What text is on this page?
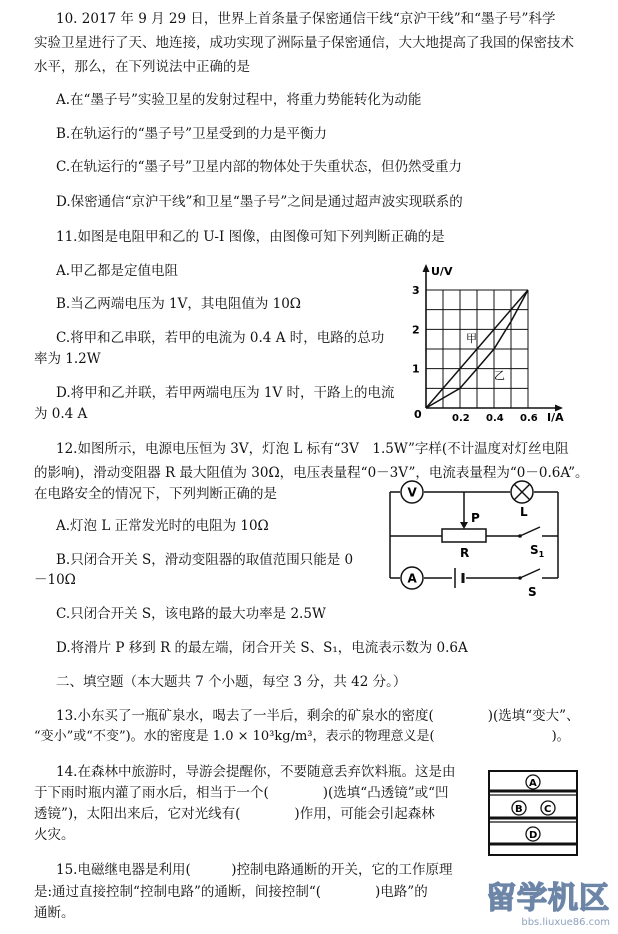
10. 2017 年 9 月 29 日，世界上首条量子保密通信干线“京沪干线”和“墨子号”科学
实验卫星进行了天、地连接，成功实现了洲际量子保密通信，大大地提高了我国的保密技术
水平，那么，在下列说法中正确的是
A.在“墨子号”实验卫星的发射过程中，将重力势能转化为动能
B.在轨运行的“墨子号”卫星受到的力是平衡力
C.在轨运行的“墨子号”卫星内部的物体处于失重状态，但仍然受重力
D.保密通信“京沪干线”和卫星“墨子号”之间是通过超声波实现联系的
11.如图是电阻甲和乙的 U-I 图像，由图像可知下列判断正确的是
A.甲乙都是定值电阻
B.当乙两端电压为 1V，其电阻值为 10Ω
C.将甲和乙串联，若甲的电流为 0.4 A 时，电路的总功
率为 1.2W
D.将甲和乙并联，若甲两端电压为 1V 时，干路上的电流
为 0.4 A
1
2
3
0.2 0.4 0.6
U/V
I/A
0
甲
乙
12.如图所示，电源电压恒为 3V，灯泡 L 标有“3V　1.5W”字样(不计温度对灯丝电阻
的影响)，滑动变阻器 R 最大阻值为 30Ω，电压表量程“0－3V”，电流表量程为“0－0.6A”。
在电路安全的情况下，下列判断正确的是
A.灯泡 L 正常发光时的电阻为 10Ω
B.只闭合开关 S，滑动变阻器的取值范围只能是 0
－10Ω
C.只闭合开关 S，该电路的最大功率是 2.5W
D.将滑片 P 移到 R 的最左端，闭合开关 S、S₁，电流表示数为 0.6A
V
L
P
R	$S_1$
A
S
二、填空题（本大题共 7 个小题，每空 3 分，共 42 分。）
13.小东买了一瓶矿泉水，喝去了一半后，剩余的矿泉水的密度(　　　　)(选填“变大”、
“变小”或“不变”)。水的密度是 1.0 × 10³kg/m³，表示的物理意义是(　　　　　　　　　)。
14.在森林中旅游时，导游会提醒你，不要随意丢弃饮料瓶。这是由
于下雨时瓶内灌了雨水后，相当于一个(　　　　)(选填“凸透镜”或“凹
透镜”)，太阳出来后，它对光线有(　　　　)作用，可能会引起森林
火灾。
A
B C
D
15.电磁继电器是利用(　　　)控制电路通断的开关，它的工作原理
是:通过直接控制“控制电路”的通断，间接控制“(　　　　)电路”的
通断。	留学机区
bbs.liuxue86.com
